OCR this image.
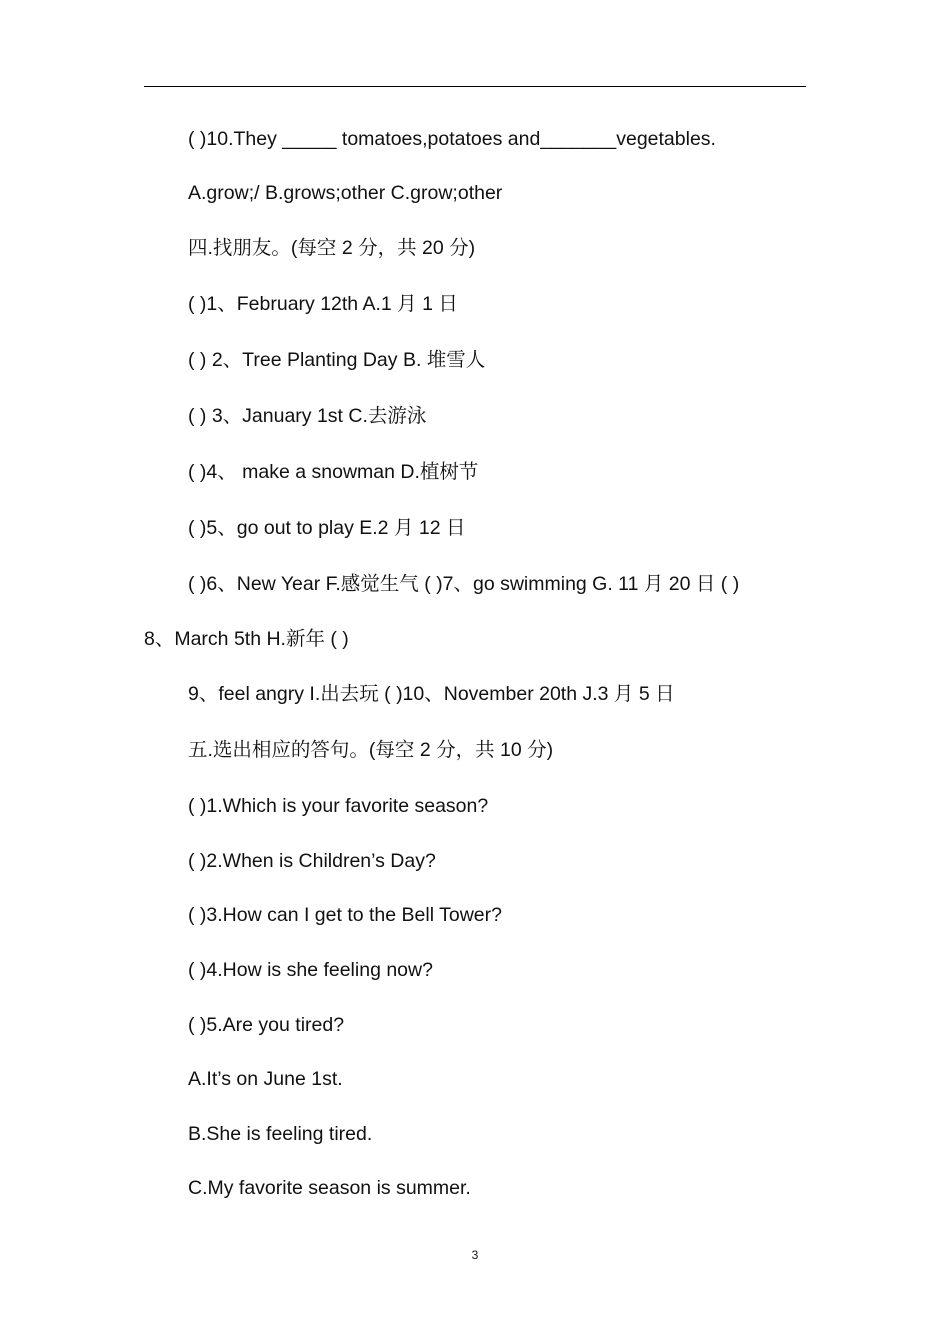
( )10.They _____ tomatoes,potatoes and_______vegetables.
A.grow;/ B.grows;other C.grow;other
四.找朋友。(每空 2 分，共 20 分)
( )1、February 12th A.1 月 1 日
( ) 2、Tree Planting Day B. 堆雪人
( ) 3、January 1st C.去游泳
( )4、 make a snowman D.植树节
( )5、go out to play E.2 月 12 日
( )6、New Year F.感觉生气 ( )7、go swimming G. 11 月 20 日 ( )
8、March 5th H.新年 ( )
9、feel angry I.出去玩 ( )10、November 20th J.3 月 5 日
五.选出相应的答句。(每空 2 分，共 10 分)
( )1.Which is your favorite season?
( )2.When is Children’s Day?
( )3.How can I get to the Bell Tower?
( )4.How is she feeling now?
( )5.Are you tired?
A.It’s on June 1st.
B.She is feeling tired.
C.My favorite season is summer.
3
